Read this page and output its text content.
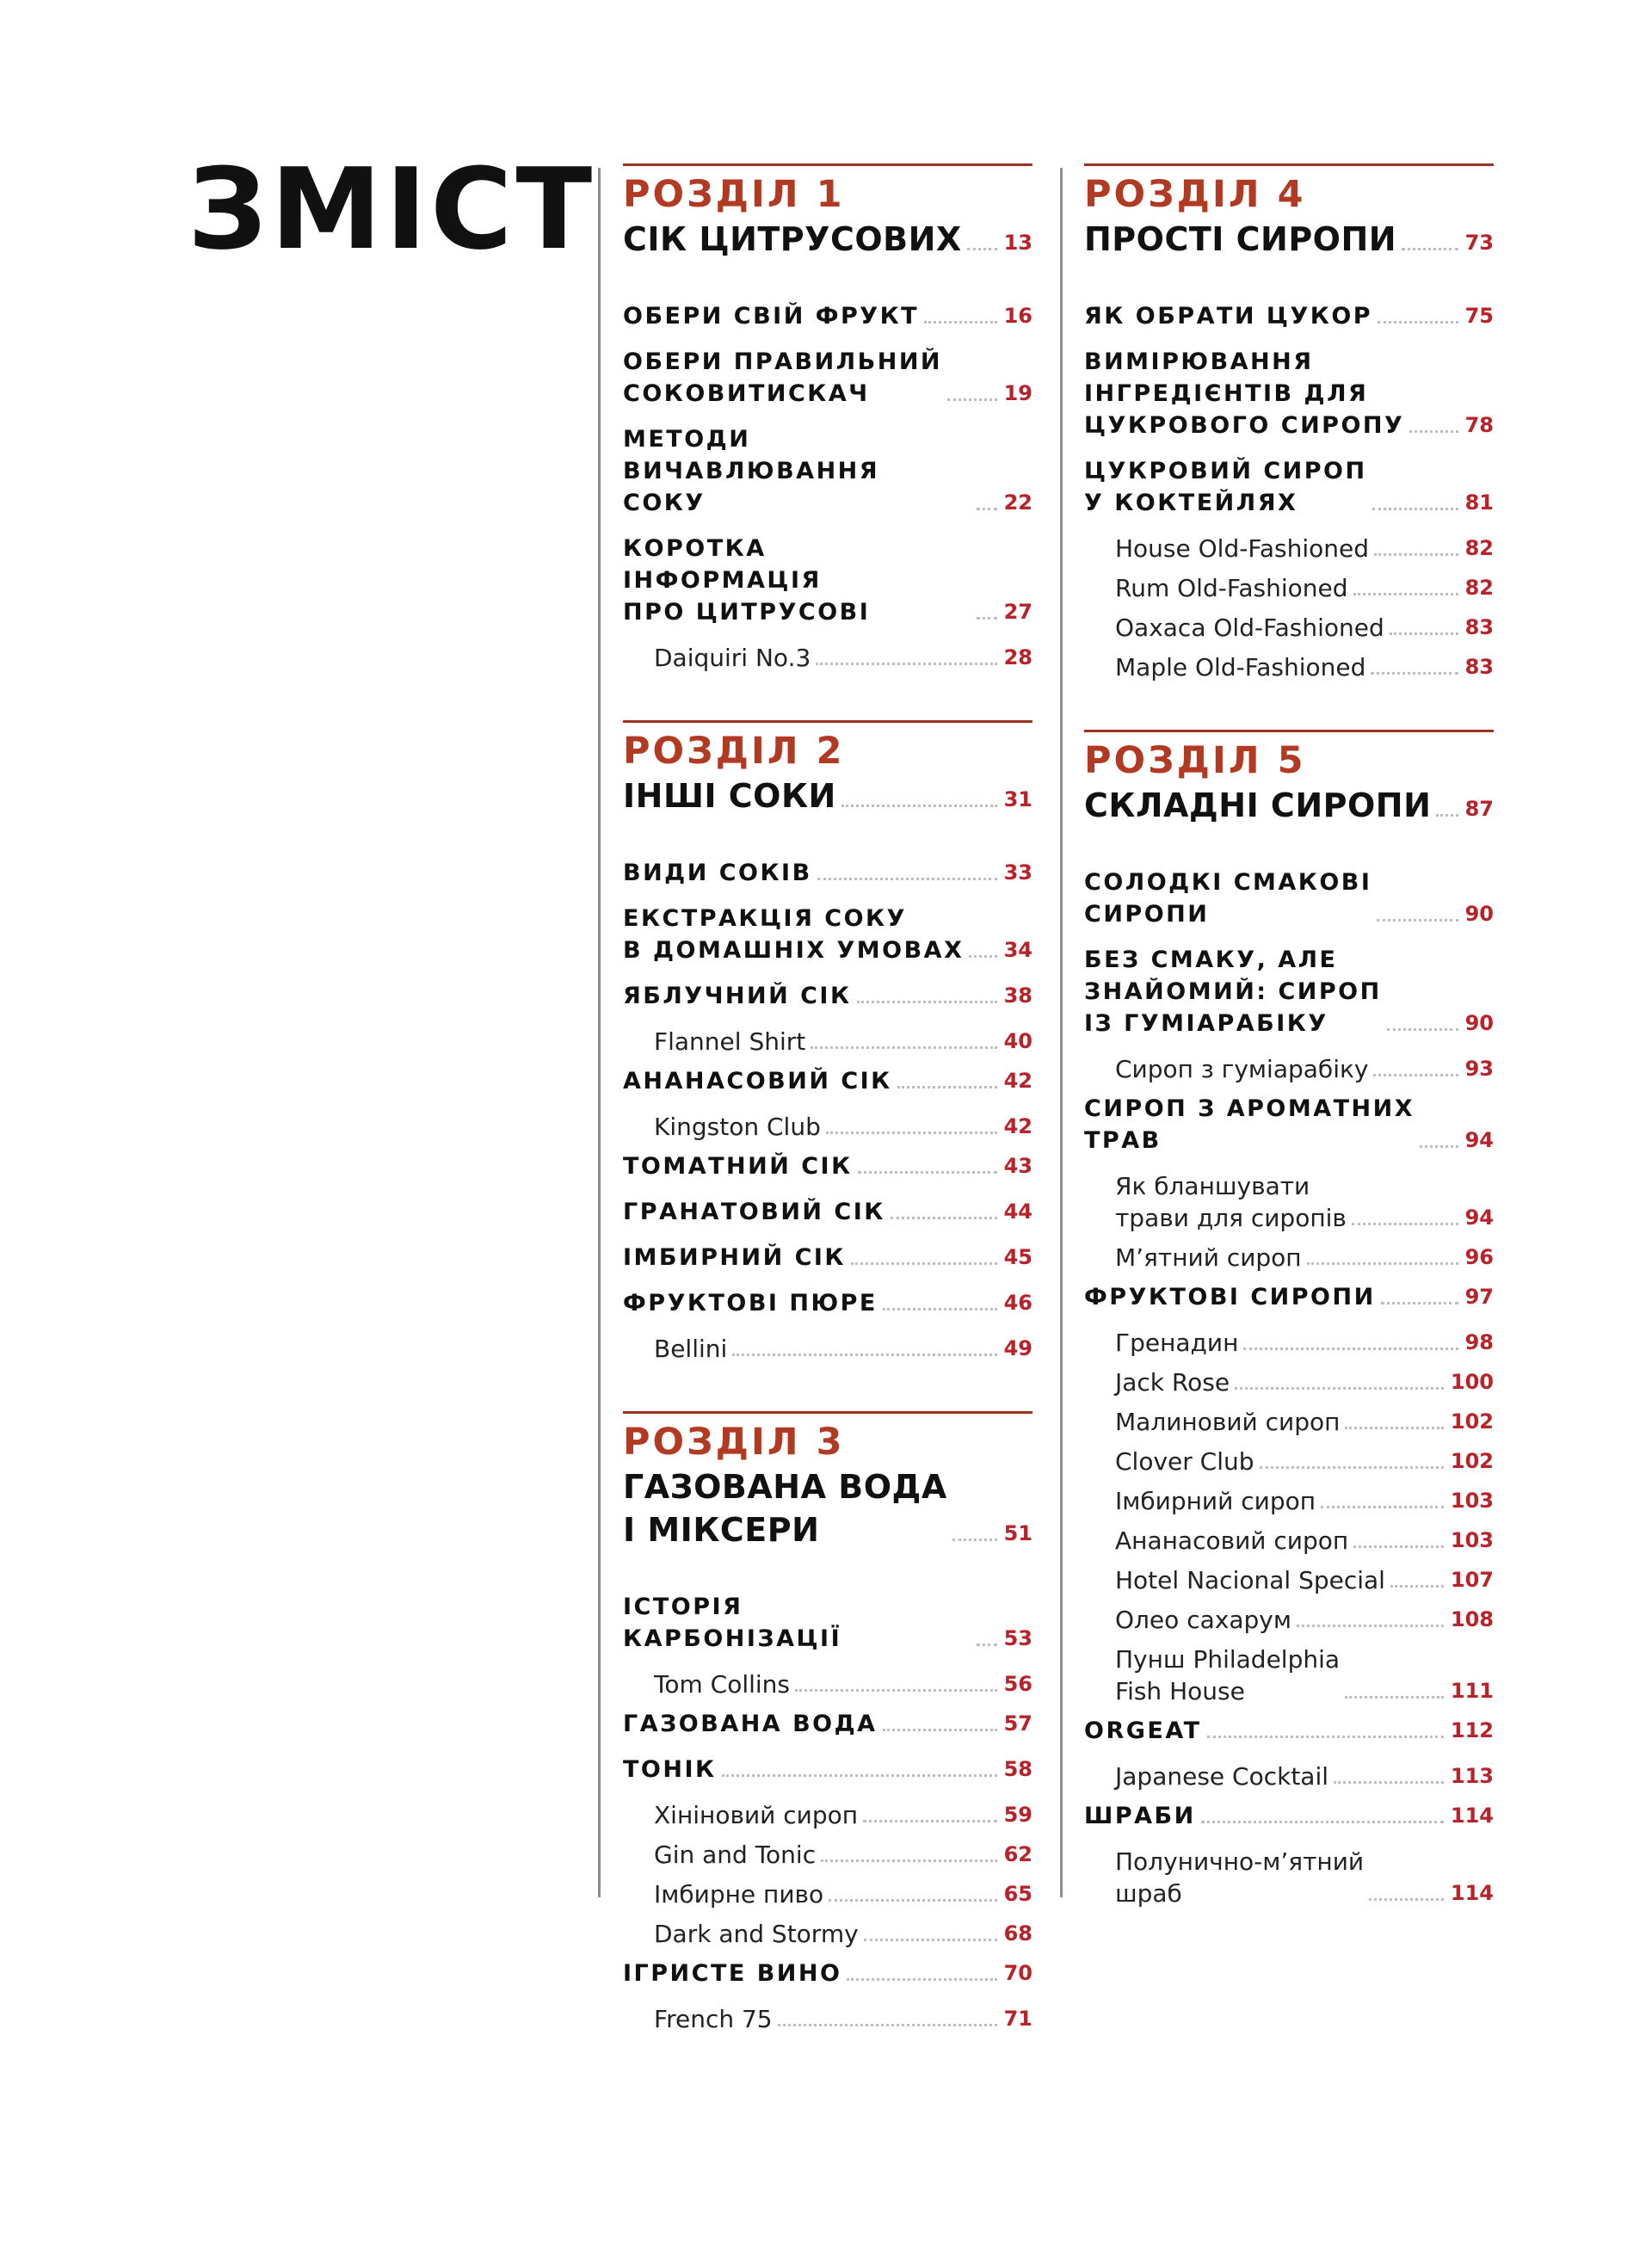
ЗМІСТ РОЗДІЛ 1
СІК ЦИТРУСОВИХ 13
ОБЕРИ СВІЙ ФРУКТ	16
ОБЕРИ ПРАВИЛЬНИЙ
СОКОВИТИСКАЧ	19
МЕТОДИ
ВИЧАВЛЮВАННЯ СОКУ	22
КОРОТКА ІНФОРМАЦІЯ
ПРО ЦИТРУСОВІ	27
Daiquiri No.3	28
РОЗДІЛ 2
ІНШІ СОКИ	31
ВИДИ СОКІВ	33
ЕКСТРАКЦІЯ СОКУ
В ДОМАШНІХ УМОВАХ 34
ЯБЛУЧНИЙ СІК	38
Flannel Shirt	40
АНАНАСОВИЙ СІК	42
Kingston Club	42
ТОМАТНИЙ СІК	43
ГРАНАТОВИЙ СІК	44
ІМБИРНИЙ СІК	45
ФРУКТОВІ ПЮРЕ	46
Bellini	49
РОЗДІЛ 3
ГАЗОВАНА ВОДА
І МІКСЕРИ	51
ІСТОРІЯ КАРБОНІЗАЦІЇ	53
Tom Collins	56
ГАЗОВАНА ВОДА	57
ТОНІК	58
Хініновий сироп	59
Gin and Tonic	62
Імбирне пиво	65
Dark and Stormy	68
ІГРИСТЕ ВИНО	70
French 75	71
РОЗДІЛ 4
ПРОСТІ СИРОПИ	73
ЯК ОБРАТИ ЦУКОР	75
ВИМІРЮВАННЯ
ІНГРЕДІЄНТІВ ДЛЯ
ЦУКРОВОГО СИРОПУ	78
ЦУКРОВИЙ СИРОП
У КОКТЕЙЛЯХ	81
House Old-Fashioned	82
Rum Old-Fashioned	82
Oaxaca Old-Fashioned	83
Maple Old-Fashioned	83
РОЗДІЛ 5
СКЛАДНІ СИРОПИ 87
СОЛОДКІ СМАКОВІ
СИРОПИ	90
БЕЗ СМАКУ, АЛЕ
ЗНАЙОМИЙ: СИРОП
ІЗ ГУМІАРАБІКУ	90
Сироп з гуміарабіку	93
СИРОП З АРОМАТНИХ
ТРАВ	94
Як бланшувати
трави для сиропів	94
М’ятний сироп	96
ФРУКТОВІ СИРОПИ	97
Гренадин	98
Jack Rose	100
Малиновий сироп	102
Clover Club	102
Імбирний сироп	103
Ананасовий сироп	103
Hotel Nacional Special	107
Олео сахарум	108
Пунш Philadelphia
Fish House	111
ORGEAT	112
Japanese Cocktail	113
ШРАБИ	114
Полунично-м’ятний
шраб	114
